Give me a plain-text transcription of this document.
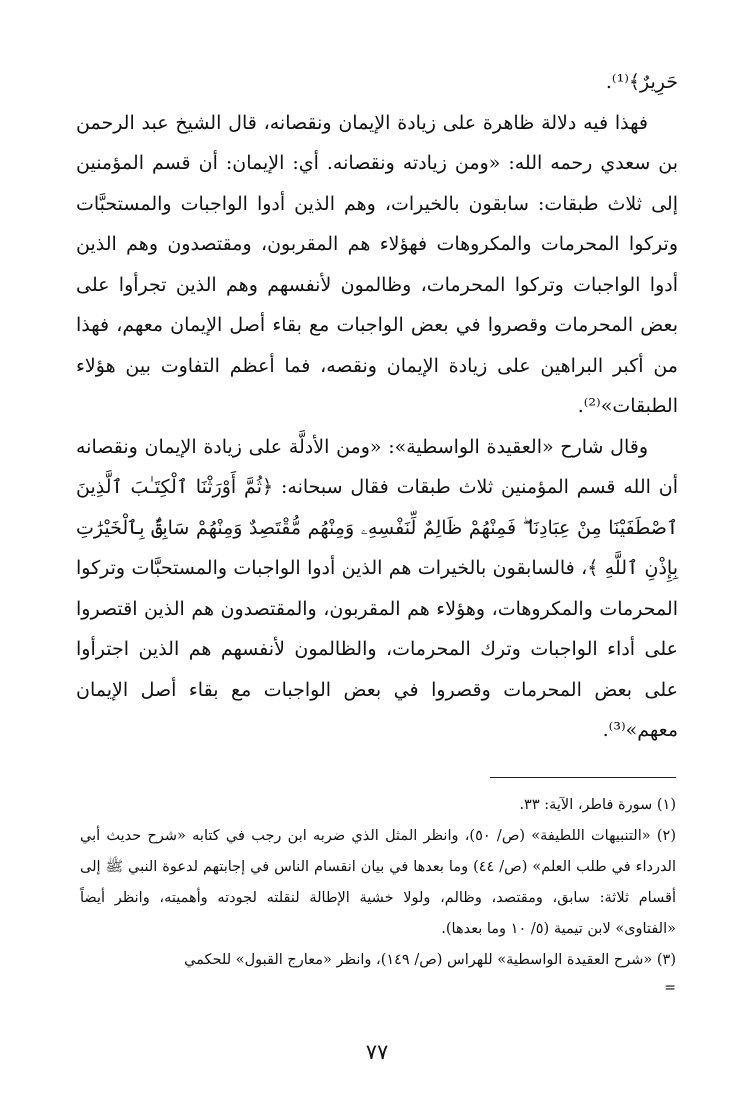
حَرِيرٌ﴾⁽¹⁾.

فهذا فيه دلالة ظاهرة على زيادة الإيمان ونقصانه، قال الشيخ عبد الرحمن بن سعدي رحمه الله: «ومن زيادته ونقصانه. أي: الإيمان: أن قسم المؤمنين إلى ثلاث طبقات: سابقون بالخيرات، وهم الذين أدوا الواجبات والمستحبَّات وتركوا المحرمات والمكروهات فهؤلاء هم المقربون، ومقتصدون وهم الذين أدوا الواجبات وتركوا المحرمات، وظالمون لأنفسهم وهم الذين تجرأوا على بعض المحرمات وقصروا في بعض الواجبات مع بقاء أصل الإيمان معهم، فهذا من أكبر البراهين على زيادة الإيمان ونقصه، فما أعظم التفاوت بين هؤلاء الطبقات»⁽²⁾.

وقال شارح «العقيدة الواسطية»: «ومن الأدلَّة على زيادة الإيمان ونقصانه أن الله قسم المؤمنين ثلاث طبقات فقال سبحانه: ﴿ثُمَّ أَوْرَثْنَا ٱلْكِتَـٰبَ ٱلَّذِينَ ٱصْطَفَيْنَا مِنْ عِبَادِنَا ۖ فَمِنْهُمْ ظَالِمٌ لِّنَفْسِهِۦ وَمِنْهُم مُّقْتَصِدٌ وَمِنْهُمْ سَابِقٌۢ بِٱلْخَيْرَٰتِ بِإِذْنِ ٱللَّهِ ﴾، فالسابقون بالخيرات هم الذين أدوا الواجبات والمستحبَّات وتركوا المحرمات والمكروهات، وهؤلاء هم المقربون، والمقتصدون هم الذين اقتصروا على أداء الواجبات وترك المحرمات، والظالمون لأنفسهم هم الذين اجترأوا على بعض المحرمات وقصروا في بعض الواجبات مع بقاء أصل الإيمان معهم»⁽³⁾.

(١) سورة فاطر، الآية: ٣٣.

(٢) «التنبيهات اللطيفة» (ص/ ٥٠)، وانظر المثل الذي ضربه ابن رجب في كتابه «شرح حديث أبي الدرداء في طلب العلم» (ص/ ٤٤) وما بعدها في بيان انقسام الناس في إجابتهم لدعوة النبي ﷺ إلى أقسام ثلاثة: سابق، ومقتصد، وظالم، ولولا خشية الإطالة لنقلته لجودته وأهميته، وانظر أيضاً «الفتاوى» لابن تيمية (٥/ ١٠ وما بعدها).

(٣) «شرح العقيدة الواسطية» للهراس (ص/ ١٤٩)، وانظر «معارج القبول» للحكمي

=

٧٧
